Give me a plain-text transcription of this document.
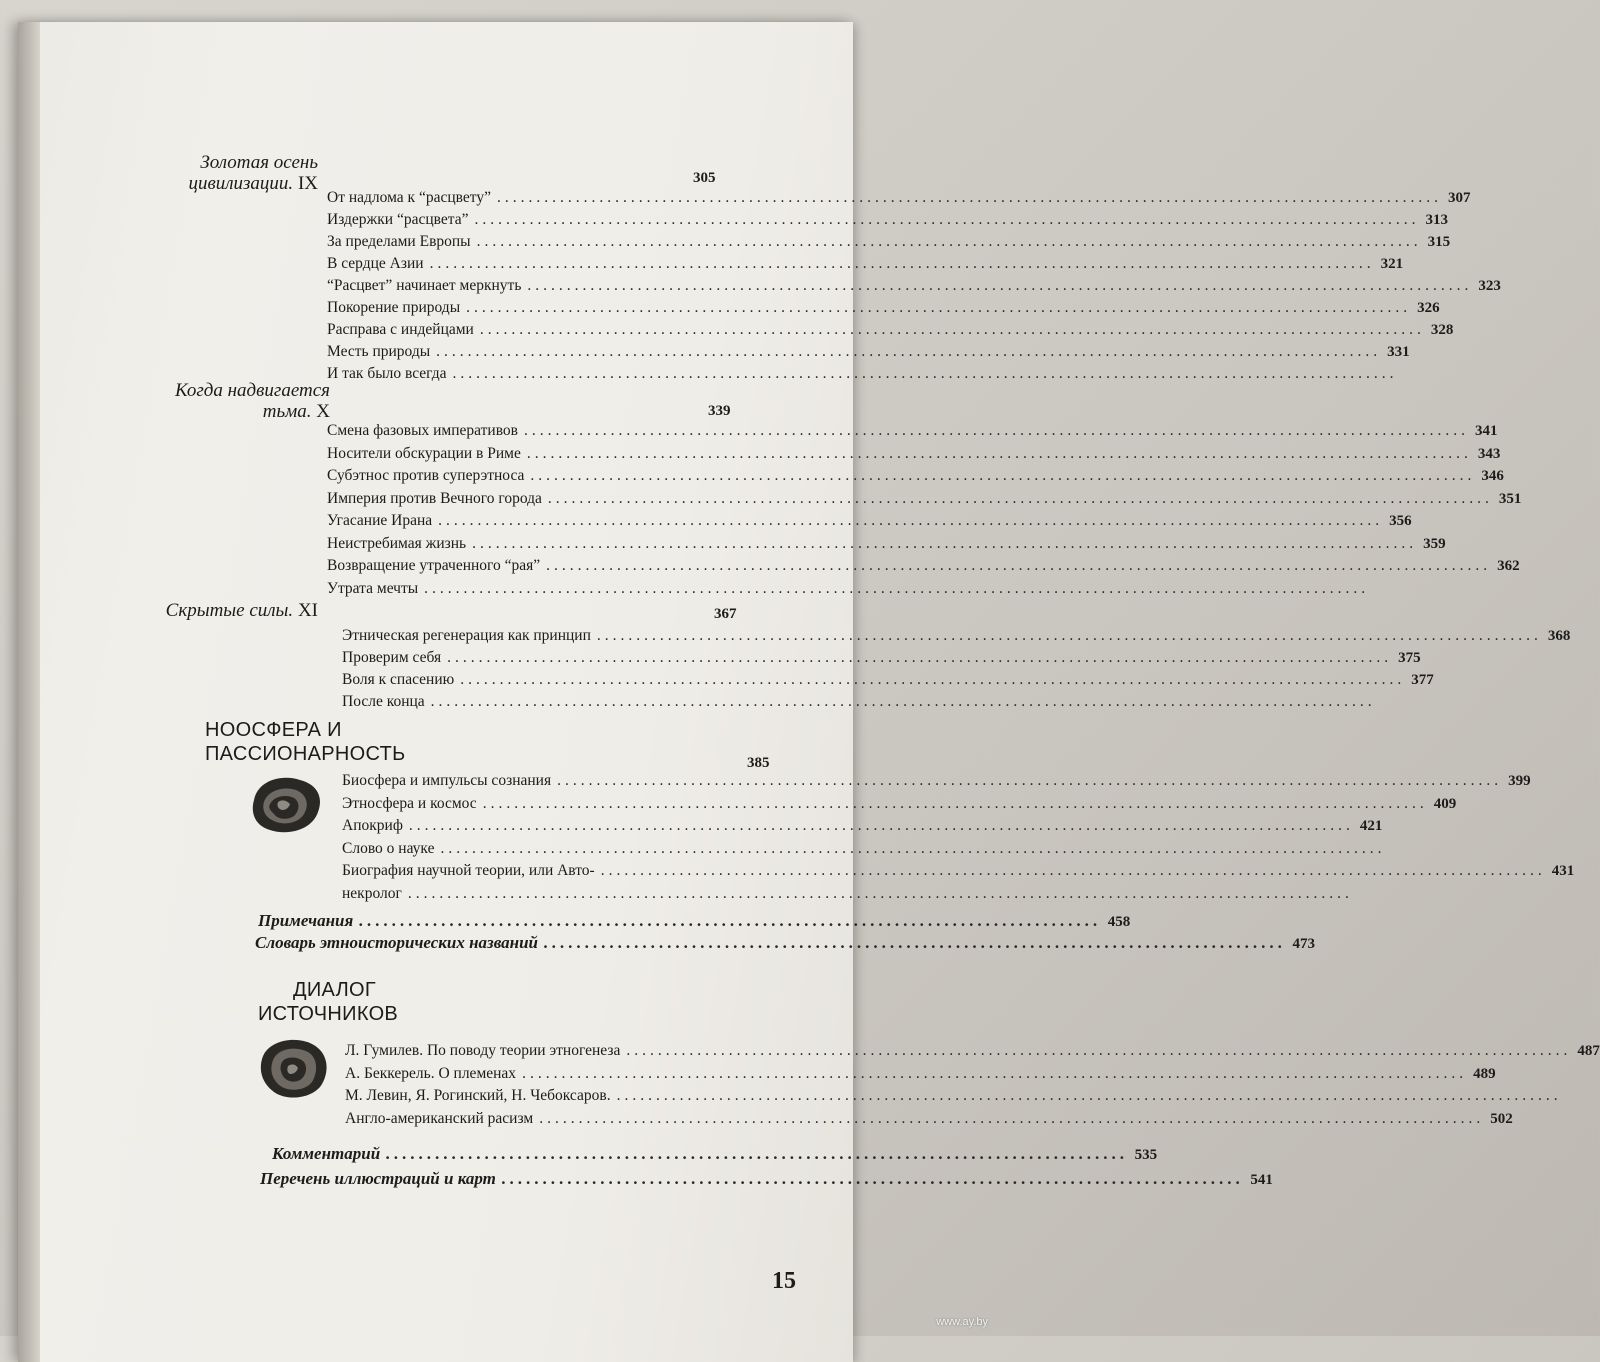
Золотая осень
цивилизации. IX	305
От надлома к “расцвету” ........................................................................................................................ 307
Издержки “расцвета” ........................................................................................................................ 313
За пределами Европы ........................................................................................................................ 315
В сердце Азии ........................................................................................................................ 321
“Расцвет” начинает меркнуть ........................................................................................................................ 323
Покорение природы ........................................................................................................................ 326
Расправа с индейцами ........................................................................................................................ 328
Месть природы ........................................................................................................................ 331
И так было всегда ........................................................................................................................
Когда надвигается
тьма. X	339
Смена фазовых императивов ........................................................................................................................ 341
Носители обскурации в Риме ........................................................................................................................ 343
Субэтнос против суперэтноса ........................................................................................................................ 346
Империя против Вечного города ........................................................................................................................ 351
Угасание Ирана ........................................................................................................................ 356
Неистребимая жизнь ........................................................................................................................ 359
Возвращение утраченного “рая” ........................................................................................................................ 362
Утрата мечты ........................................................................................................................
Скрытые силы. XI	367
Этническая регенерация как принцип ........................................................................................................................ 368
Проверим себя ........................................................................................................................ 375
Воля к спасению ........................................................................................................................ 377
После конца ........................................................................................................................
НООСФЕРА И
ПАССИОНАРНОСТЬ	385
Биосфера и импульсы сознания ........................................................................................................................ 399
Этносфера и космос ........................................................................................................................ 409
Апокриф ........................................................................................................................ 421
Слово о науке ........................................................................................................................
Биография научной теории, или Авто- ........................................................................................................................ 431
некролог ........................................................................................................................
Примечания .......................................................................................... 458
Словарь этноисторических названий .......................................................................................... 473
ДИАЛОГ
ИСТОЧНИКОВ
Л. Гумилев. По поводу теории этногенеза ........................................................................................................................ 487
А. Беккерель. О племенах ........................................................................................................................ 489
М. Левин, Я. Рогинский, Н. Чебоксаров. ........................................................................................................................
Англо-американский расизм ........................................................................................................................ 502
Комментарий .......................................................................................... 535
Перечень иллюстраций и карт .......................................................................................... 541
15
www.ay.by
